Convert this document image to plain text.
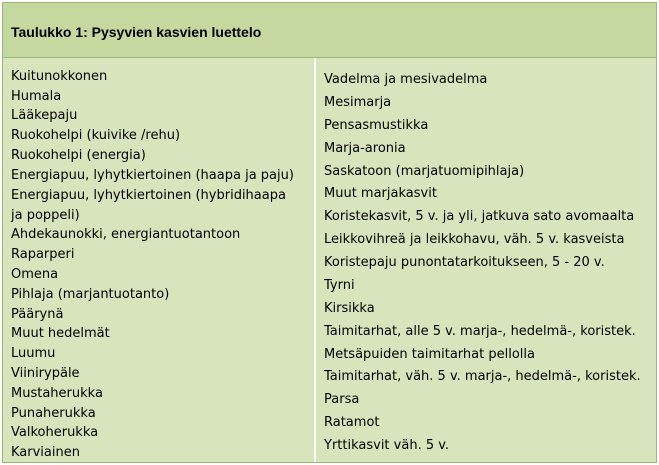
Taulukko 1: Pysyvien kasvien luettelo
Kuitunokkonen
Humala
Lääkepaju
Ruokohelpi (kuivike /rehu)
Ruokohelpi (energia)
Energiapuu, lyhytkiertoinen (haapa ja paju)
Energiapuu, lyhytkiertoinen (hybridihaapa
ja poppeli)
Ahdekaunokki, energiantuotantoon
Raparperi
Omena
Pihlaja (marjantuotanto)
Päärynä
Muut hedelmät
Luumu
Viinirypäle
Mustaherukka
Punaherukka
Valkoherukka
Karviainen
Vadelma ja mesivadelma
Mesimarja
Pensasmustikka
Marja-aronia
Saskatoon (marjatuomipihlaja)
Muut marjakasvit
Koristekasvit, 5 v. ja yli, jatkuva sato avomaalta
Leikkovihreä ja leikkohavu, väh. 5 v. kasveista
Koristepaju punontatarkoitukseen, 5 - 20 v.
Tyrni
Kirsikka
Taimitarhat, alle 5 v. marja-, hedelmä-, koristek.
Metsäpuiden taimitarhat pellolla
Taimitarhat, väh. 5 v. marja-, hedelmä-, koristek.
Parsa
Ratamot
Yrttikasvit väh. 5 v.
